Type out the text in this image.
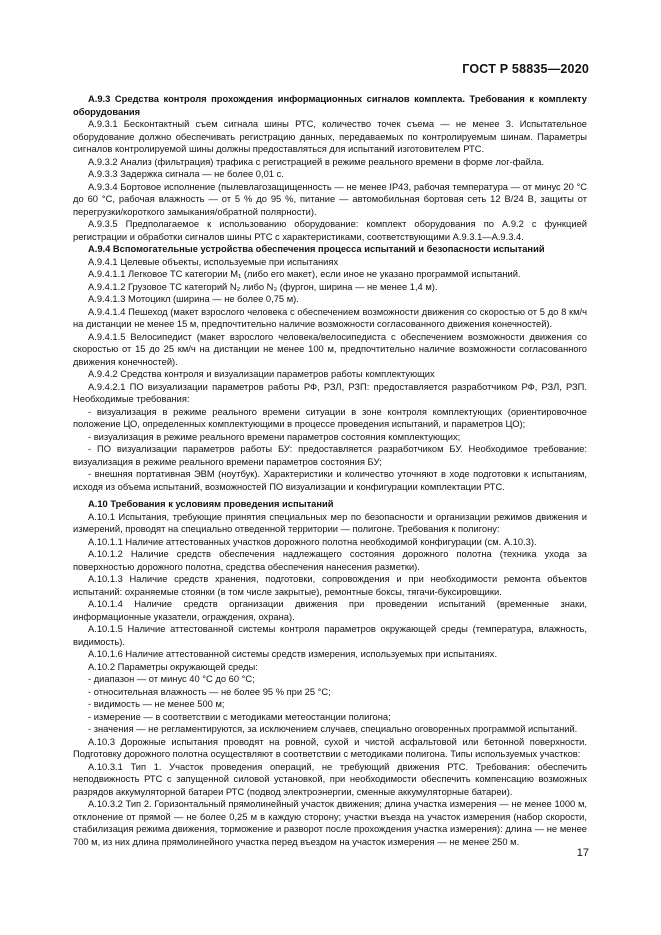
ГОСТ Р 58835—2020

А.9.3 Средства контроля прохождения информационных сигналов комплекта. Требования к комплекту оборудования

А.9.3.1 Бесконтактный съем сигнала шины РТС, количество точек съема — не менее 3. Испытательное оборудование должно обеспечивать регистрацию данных, передаваемых по контролируемым шинам. Параметры сигналов контролируемой шины должны предоставляться для испытаний изготовителем РТС.

А.9.3.2 Анализ (фильтрация) трафика с регистрацией в режиме реального времени в форме лог-файла.

А.9.3.3 Задержка сигнала — не более 0,01 с.

А.9.3.4 Бортовое исполнение (пылевлагозащищенность — не менее IP43, рабочая температура — от минус 20 °С до 60 °С, рабочая влажность — от 5 % до 95 %, питание — автомобильная бортовая сеть 12 В/24 В, защиты от перегрузки/короткого замыкания/обратной полярности).

А.9.3.5 Предполагаемое к использованию оборудование: комплект оборудования по А.9.2 с функцией регистрации и обработки сигналов шины РТС с характеристиками, соответствующими А.9.3.1—А.9.3.4.

А.9.4 Вспомогательные устройства обеспечения процесса испытаний и безопасности испытаний

А.9.4.1 Целевые объекты, используемые при испытаниях

А.9.4.1.1 Легковое ТС категории М₁ (либо его макет), если иное не указано программой испытаний.

А.9.4.1.2 Грузовое ТС категорий N₂ либо N₃ (фургон, ширина — не менее 1,4 м).

А.9.4.1.3 Мотоцикл (ширина — не более 0,75 м).

А.9.4.1.4 Пешеход (макет взрослого человека с обеспечением возможности движения со скоростью от 5 до 8 км/ч на дистанции не менее 15 м, предпочтительно наличие возможности согласованного движения конечностей).

А.9.4.1.5 Велосипедист (макет взрослого человека/велосипедиста с обеспечением возможности движения со скоростью от 15 до 25 км/ч на дистанции не менее 100 м, предпочтительно наличие возможности согласованного движения конечностей).

А.9.4.2 Средства контроля и визуализации параметров работы комплектующих

А.9.4.2.1 ПО визуализации параметров работы РФ, РЗЛ, РЗП: предоставляется разработчиком РФ, РЗЛ, РЗП. Необходимые требования:

- визуализация в режиме реального времени ситуации в зоне контроля комплектующих (ориентировочное положение ЦО, определенных комплектующими в процессе проведения испытаний, и параметров ЦО);

- визуализация в режиме реального времени параметров состояния комплектующих;

- ПО визуализации параметров работы БУ: предоставляется разработчиком БУ. Необходимое требование: визуализация в режиме реального времени параметров состояния БУ;

- внешняя портативная ЭВМ (ноутбук). Характеристики и количество уточняют в ходе подготовки к испытаниям, исходя из объема испытаний, возможностей ПО визуализации и конфигурации комплектации РТС.

А.10 Требования к условиям проведения испытаний

А.10.1 Испытания, требующие принятия специальных мер по безопасности и организации режимов движения и измерений, проводят на специально отведенной территории — полигоне. Требования к полигону:

А.10.1.1 Наличие аттестованных участков дорожного полотна необходимой конфигурации (см. А.10.3).

А.10.1.2 Наличие средств обеспечения надлежащего состояния дорожного полотна (техника ухода за поверхностью дорожного полотна, средства обеспечения нанесения разметки).

А.10.1.3 Наличие средств хранения, подготовки, сопровождения и при необходимости ремонта объектов испытаний: охраняемые стоянки (в том числе закрытые), ремонтные боксы, тягачи-буксировщики.

А.10.1.4 Наличие средств организации движения при проведении испытаний (временные знаки, информационные указатели, ограждения, охрана).

А.10.1.5 Наличие аттестованной системы контроля параметров окружающей среды (температура, влажность, видимость).

А.10.1.6 Наличие аттестованной системы средств измерения, используемых при испытаниях.

А.10.2 Параметры окружающей среды:

- диапазон — от минус 40 °С до 60 °С;

- относительная влажность — не более 95 % при 25 °С;

- видимость — не менее 500 м;

- измерение — в соответствии с методиками метеостанции полигона;

- значения — не регламентируются, за исключением случаев, специально оговоренных программой испытаний.

А.10.3 Дорожные испытания проводят на ровной, сухой и чистой асфальтовой или бетонной поверхности. Подготовку дорожного полотна осуществляют в соответствии с методиками полигона. Типы используемых участков:

А.10.3.1 Тип 1. Участок проведения операций, не требующий движения РТС. Требования: обеспечить неподвижность РТС с запущенной силовой установкой, при необходимости обеспечить компенсацию возможных разрядов аккумуляторной батареи РТС (подвод электроэнергии, сменные аккумуляторные батареи).

А.10.3.2 Тип 2. Горизонтальный прямолинейный участок движения; длина участка измерения — не менее 1000 м, отклонение от прямой — не более 0,25 м в каждую сторону; участки въезда на участок измерения (набор скорости, стабилизация режима движения, торможение и разворот после прохождения участка измерения): длина — не менее 700 м, из них длина прямолинейного участка перед въездом на участок измерения — не менее 250 м.

17
